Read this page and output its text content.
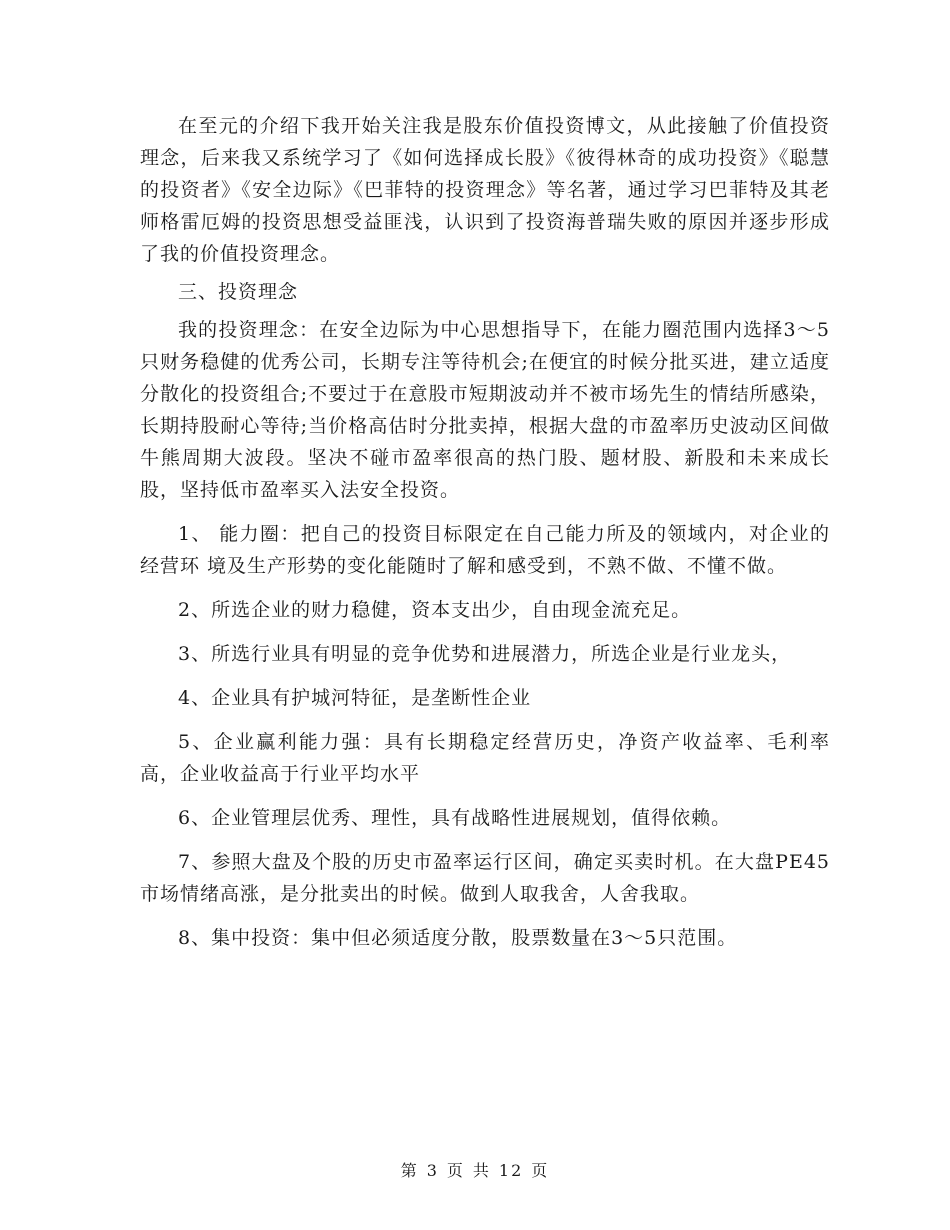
在至元的介绍下我开始关注我是股东价值投资博文，从此接触了价值投资理念，后来我又系统学习了《如何选择成长股》《彼得林奇的成功投资》《聪慧的投资者》《安全边际》《巴菲特的投资理念》等名著，通过学习巴菲特及其老师格雷厄姆的投资思想受益匪浅，认识到了投资海普瑞失败的原因并逐步形成了我的价值投资理念。

三、投资理念

我的投资理念：在安全边际为中心思想指导下，在能力圈范围内选择3～5只财务稳健的优秀公司，长期专注等待机会;在便宜的时候分批买进，建立适度分散化的投资组合;不要过于在意股市短期波动并不被市场先生的情结所感染，长期持股耐心等待;当价格高估时分批卖掉，根据大盘的市盈率历史波动区间做牛熊周期大波段。坚决不碰市盈率很高的热门股、题材股、新股和未来成长股，坚持低市盈率买入法安全投资。

1、 能力圈：把自己的投资目标限定在自己能力所及的领域内，对企业的经营环 境及生产形势的变化能随时了解和感受到，不熟不做、不懂不做。

2、所选企业的财力稳健，资本支出少，自由现金流充足。

3、所选行业具有明显的竞争优势和进展潜力，所选企业是行业龙头，

4、企业具有护城河特征，是垄断性企业

5、企业赢利能力强：具有长期稳定经营历史，净资产收益率、毛利率高，企业收益高于行业平均水平

6、企业管理层优秀、理性，具有战略性进展规划，值得依赖。

7、参照大盘及个股的历史市盈率运行区间，确定买卖时机。在大盘PE45市场情绪高涨，是分批卖出的时候。做到人取我舍，人舍我取。

8、集中投资：集中但必须适度分散，股票数量在3～5只范围。

第 3 页 共 12 页
